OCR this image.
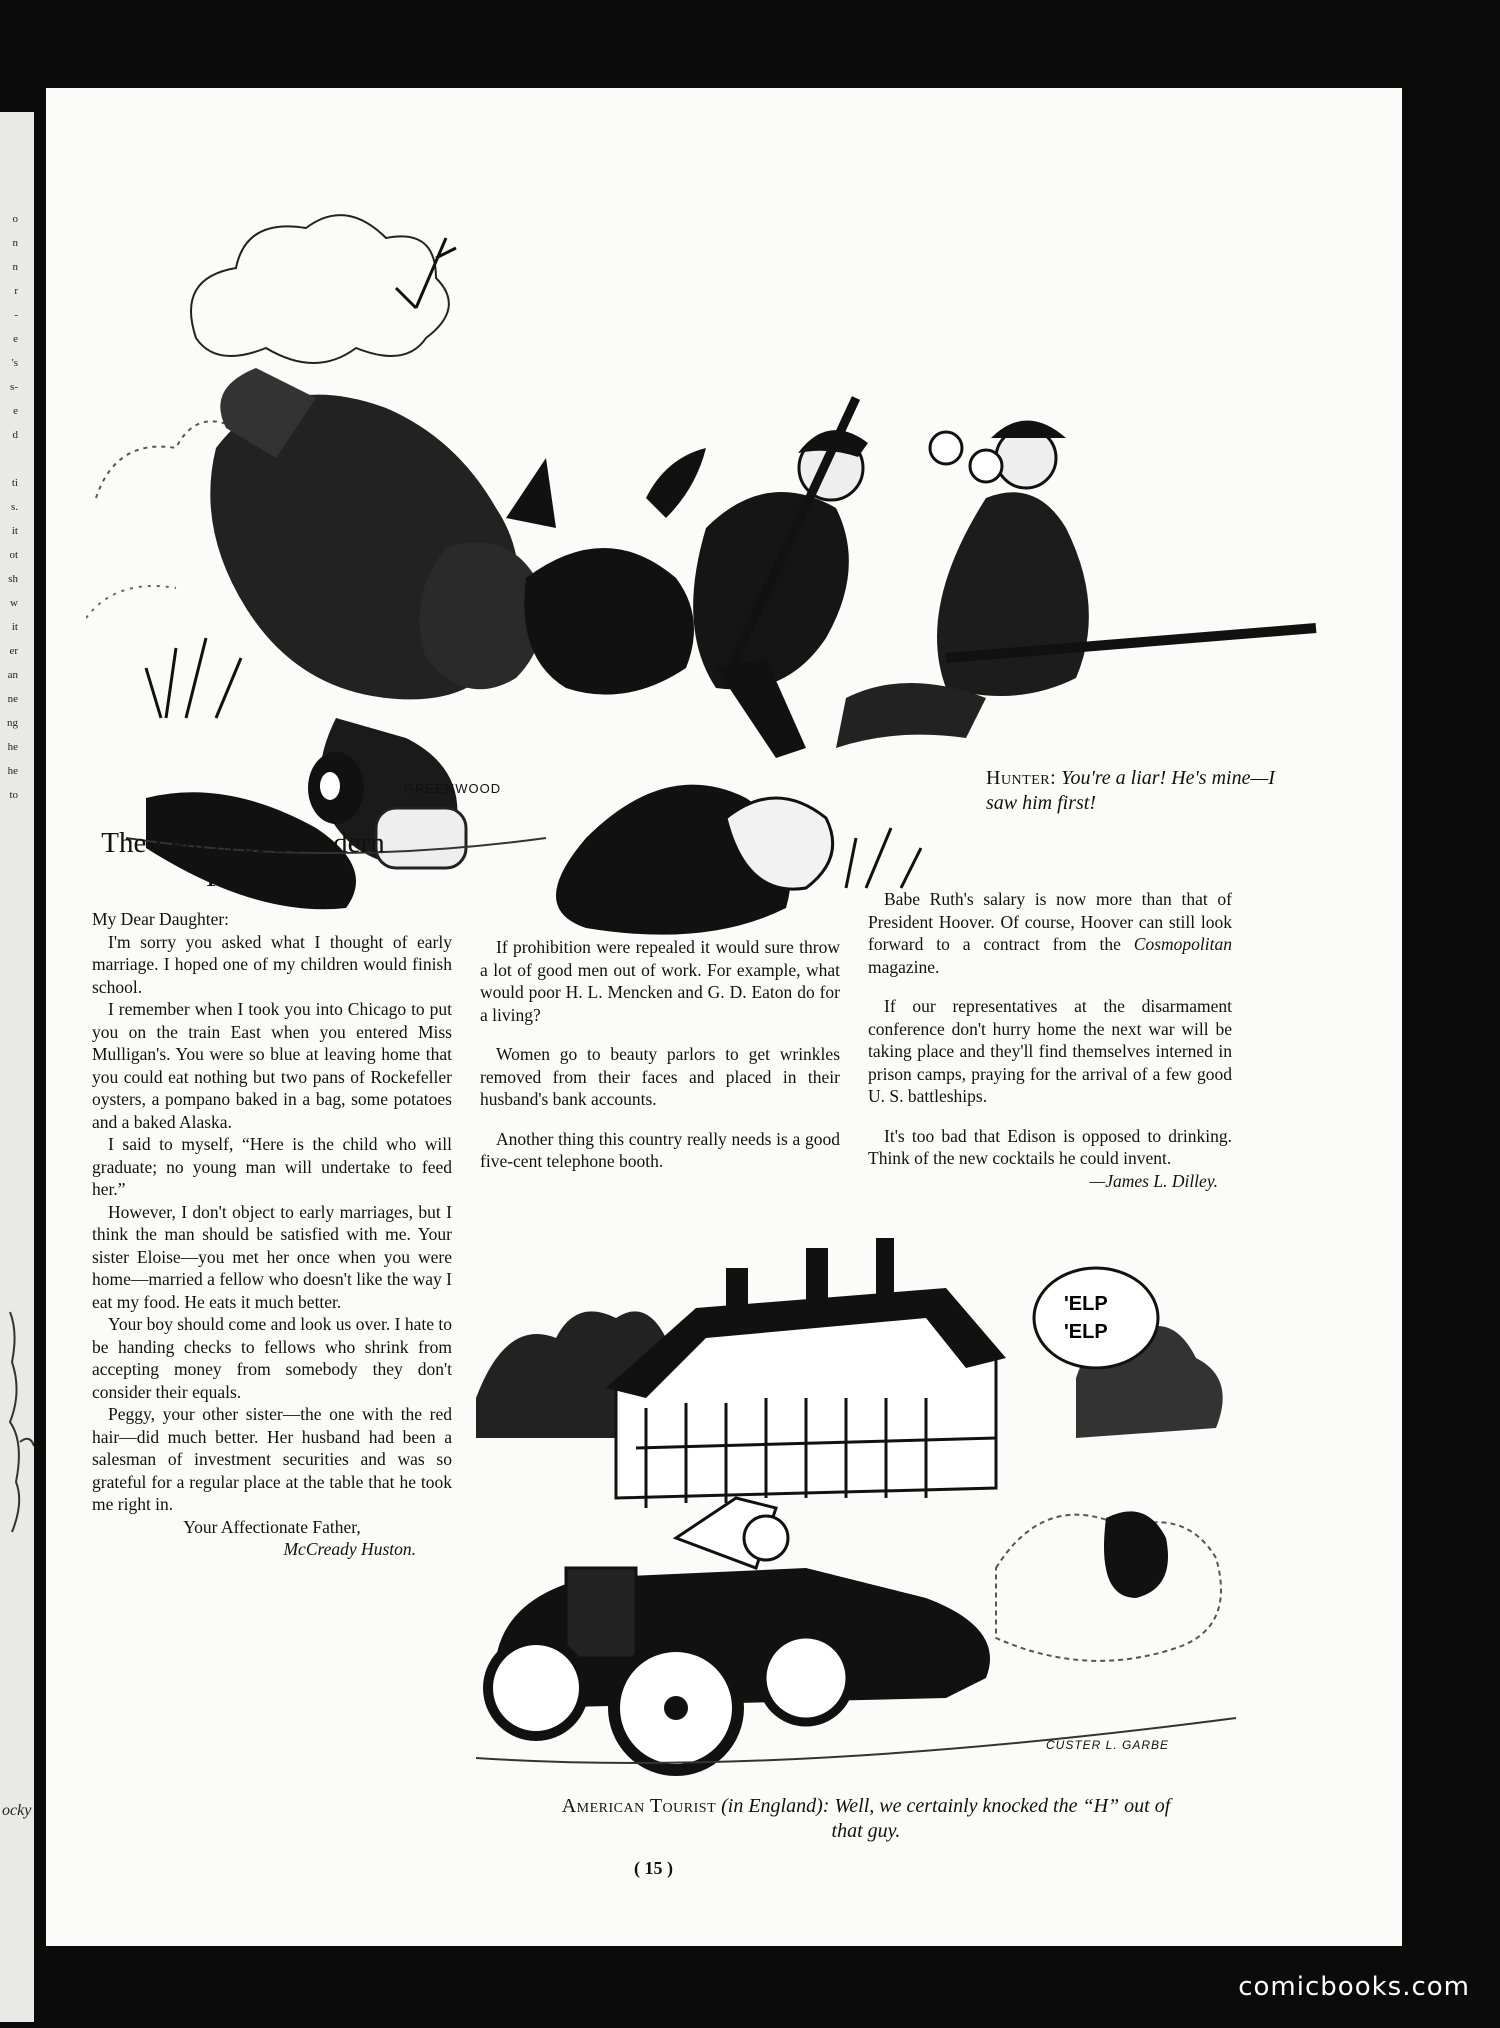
o
n
n
r
-
e
's
s-
e
d
ti
s.
it
ot
sh
w
it
er
an
ne
ng
he
he
to
ocky
GREENWOOD	Hunter: You're a liar! He's mine—I saw him first!
The Letters of a Modern Father

My Dear Daughter:

I'm sorry you asked what I thought of early marriage. I hoped one of my children would finish school.

I remember when I took you into Chicago to put you on the train East when you entered Miss Mulligan's. You were so blue at leaving home that you could eat nothing but two pans of Rockefeller oysters, a pompano baked in a bag, some potatoes and a baked Alaska.

I said to myself, “Here is the child who will graduate; no young man will undertake to feed her.”

However, I don't object to early marriages, but I think the man should be satisfied with me. Your sister Eloise—you met her once when you were home—married a fellow who doesn't like the way I eat my food. He eats it much better.

Your boy should come and look us over. I hate to be handing checks to fellows who shrink from accepting money from somebody they don't consider their equals.

Peggy, your other sister—the one with the red hair—did much better. Her husband had been a salesman of investment securities and was so grateful for a regular place at the table that he took me right in.

Your Affectionate Father,

McCready Huston.

Dilley Dallying

If prohibition were repealed it would sure throw a lot of good men out of work. For example, what would poor H. L. Mencken and G. D. Eaton do for a living?

Women go to beauty parlors to get wrinkles removed from their faces and placed in their husband's bank accounts.

Another thing this country really needs is a good five-cent telephone booth.

Babe Ruth's salary is now more than that of President Hoover. Of course, Hoover can still look forward to a contract from the Cosmopolitan magazine.

If our representatives at the disarmament conference don't hurry home the next war will be taking place and they'll find themselves interned in prison camps, praying for the arrival of a few good U. S. battleships.

It's too bad that Edison is opposed to drinking. Think of the new cocktails he could invent.

—James L. Dilley.

'ELP
'ELP
CUSTER L. GARBE
American Tourist (in England): Well, we certainly knocked the “H” out of that guy.
( 15 )
comicbooks.com
